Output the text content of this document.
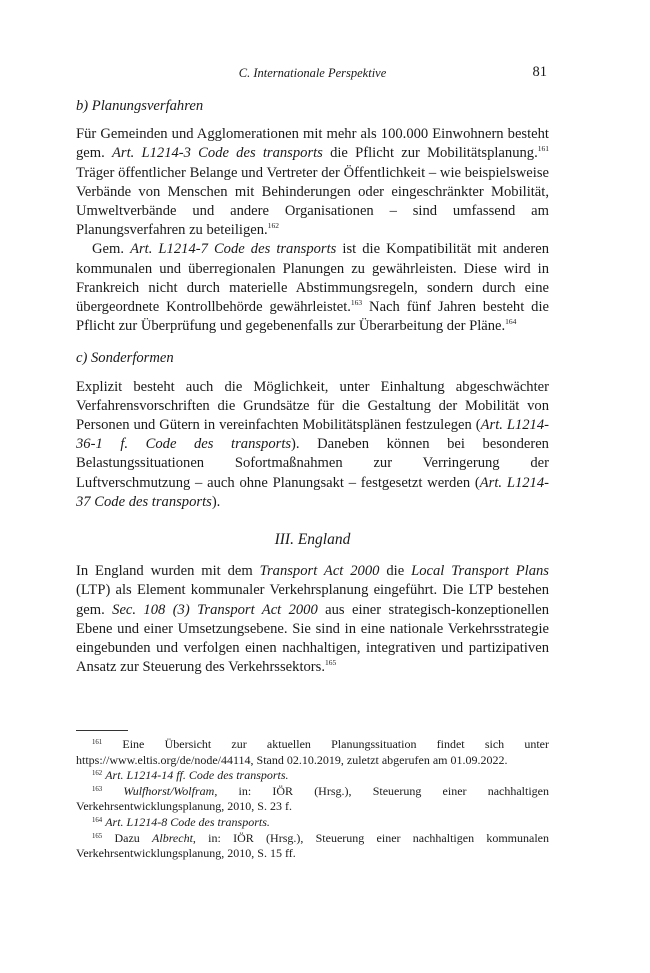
C. Internationale Perspektive	81

b) Planungsverfahren

Für Gemeinden und Agglomerationen mit mehr als 100.000 Einwohnern besteht gem. Art. L1214-3 Code des transports die Pflicht zur Mobilitätsplanung.$^{161}$ Träger öffentlicher Belange und Vertreter der Öffentlichkeit – wie beispielsweise Verbände von Menschen mit Behinderungen oder eingeschränkter Mobilität, Umweltverbände und andere Organisationen – sind umfassend am Planungsverfahren zu beteiligen.$^{162}$

Gem. Art. L1214-7 Code des transports ist die Kompatibilität mit anderen kommunalen und überregionalen Planungen zu gewährleisten. Diese wird in Frankreich nicht durch materielle Abstimmungsregeln, sondern durch eine übergeordnete Kontrollbehörde gewährleistet.$^{163}$ Nach fünf Jahren besteht die Pflicht zur Überprüfung und gegebenenfalls zur Überarbeitung der Pläne.$^{164}$

c) Sonderformen

Explizit besteht auch die Möglichkeit, unter Einhaltung abgeschwächter Verfahrensvorschriften die Grundsätze für die Gestaltung der Mobilität von Personen und Gütern in vereinfachten Mobilitätsplänen festzulegen (Art. L1214-36-1 f. Code des transports). Daneben können bei besonderen Belastungssituationen Sofortmaßnahmen zur Verringerung der Luftverschmutzung – auch ohne Planungsakt – festgesetzt werden (Art. L1214-37 Code des transports).

III. England

In England wurden mit dem Transport Act 2000 die Local Transport Plans (LTP) als Element kommunaler Verkehrsplanung eingeführt. Die LTP bestehen gem. Sec. 108 (3) Transport Act 2000 aus einer strategisch-konzeptionellen Ebene und einer Umsetzungsebene. Sie sind in eine nationale Verkehrsstrategie eingebunden und verfolgen einen nachhaltigen, integrativen und partizipativen Ansatz zur Steuerung des Verkehrssektors.$^{165}$

$^{161}$ Eine Übersicht zur aktuellen Planungssituation findet sich unter https://www.eltis.org/de/node/44114, Stand 02.10.2019, zuletzt abgerufen am 01.09.2022.

$^{162}$ Art. L1214-14 ff. Code des transports.

$^{163}$ Wulfhorst/Wolfram, in: IÖR (Hrsg.), Steuerung einer nachhaltigen Verkehrsentwicklungsplanung, 2010, S. 23 f.

$^{164}$ Art. L1214-8 Code des transports.

$^{165}$ Dazu Albrecht, in: IÖR (Hrsg.), Steuerung einer nachhaltigen kommunalen Verkehrsentwicklungsplanung, 2010, S. 15 ff.
